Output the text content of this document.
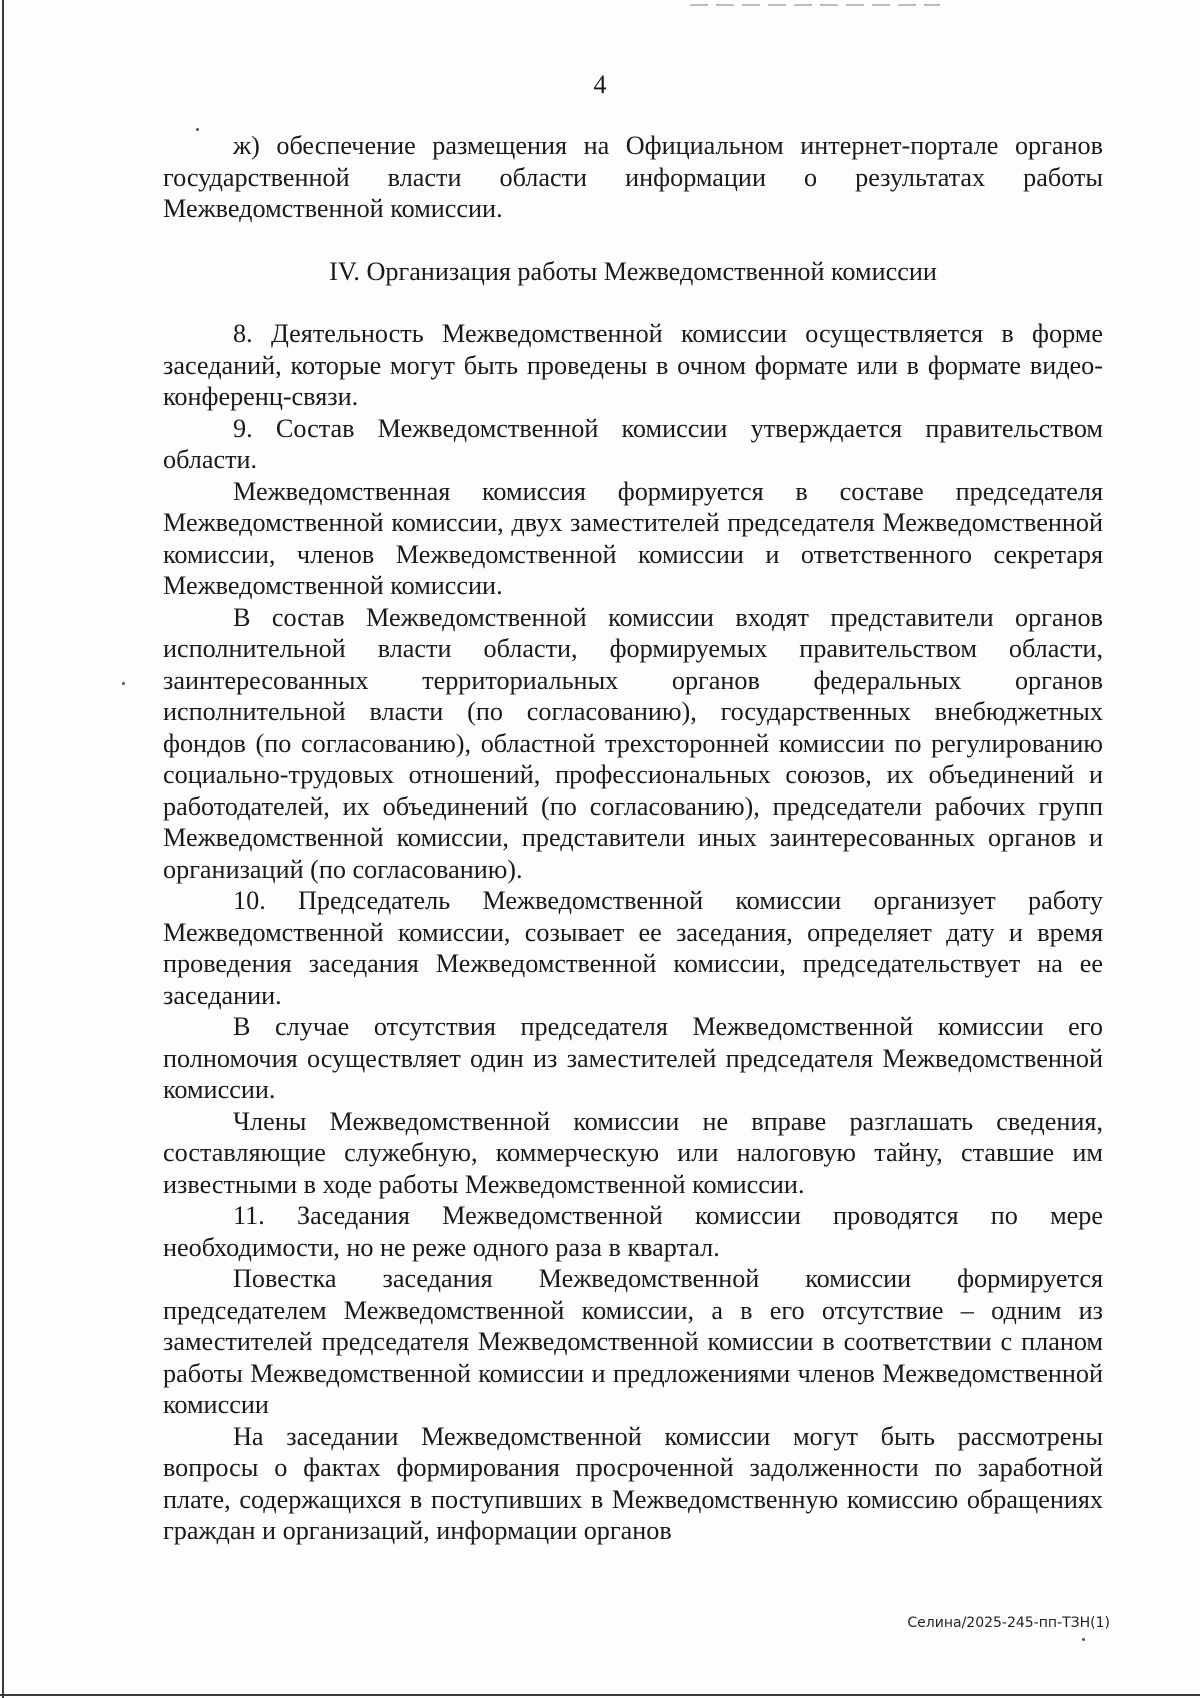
4

ж) обеспечение размещения на Официальном интернет-портале органов государственной власти области информации о результатах работы Межведомственной комиссии.

IV. Организация работы Межведомственной комиссии

8. Деятельность Межведомственной комиссии осуществляется в форме заседаний, которые могут быть проведены в очном формате или в формате видео-конференц-связи.

9. Состав Межведомственной комиссии утверждается правительством области.

Межведомственная комиссия формируется в составе председателя Межведомственной комиссии, двух заместителей председателя Межведомственной комиссии, членов Межведомственной комиссии и ответственного секретаря Межведомственной комиссии.

В состав Межведомственной комиссии входят представители органов исполнительной власти области, формируемых правительством области, заинтересованных территориальных органов федеральных органов исполнительной власти (по согласованию), государственных внебюджетных фондов (по согласованию), областной трехсторонней комиссии по регулированию социально-трудовых отношений, профессиональных союзов, их объединений и работодателей, их объединений (по согласованию), председатели рабочих групп Межведомственной комиссии, представители иных заинтересованных органов и организаций (по согласованию).

10. Председатель Межведомственной комиссии организует работу Межведомственной комиссии, созывает ее заседания, определяет дату и время проведения заседания Межведомственной комиссии, председательствует на ее заседании.

В случае отсутствия председателя Межведомственной комиссии его полномочия осуществляет один из заместителей председателя Межведомственной комиссии.

Члены Межведомственной комиссии не вправе разглашать сведения, составляющие служебную, коммерческую или налоговую тайну, ставшие им известными в ходе работы Межведомственной комиссии.

11. Заседания Межведомственной комиссии проводятся по мере необходимости, но не реже одного раза в квартал.

Повестка заседания Межведомственной комиссии формируется председателем Межведомственной комиссии, а в его отсутствие – одним из заместителей председателя Межведомственной комиссии в соответствии с планом работы Межведомственной комиссии и предложениями членов Межведомственной комиссии

На заседании Межведомственной комиссии могут быть рассмотрены вопросы о фактах формирования просроченной задолженности по заработной плате, содержащихся в поступивших в Межведомственную комиссию обращениях граждан и организаций, информации органов

Селина/2025-245-пп-ТЗН(1)
